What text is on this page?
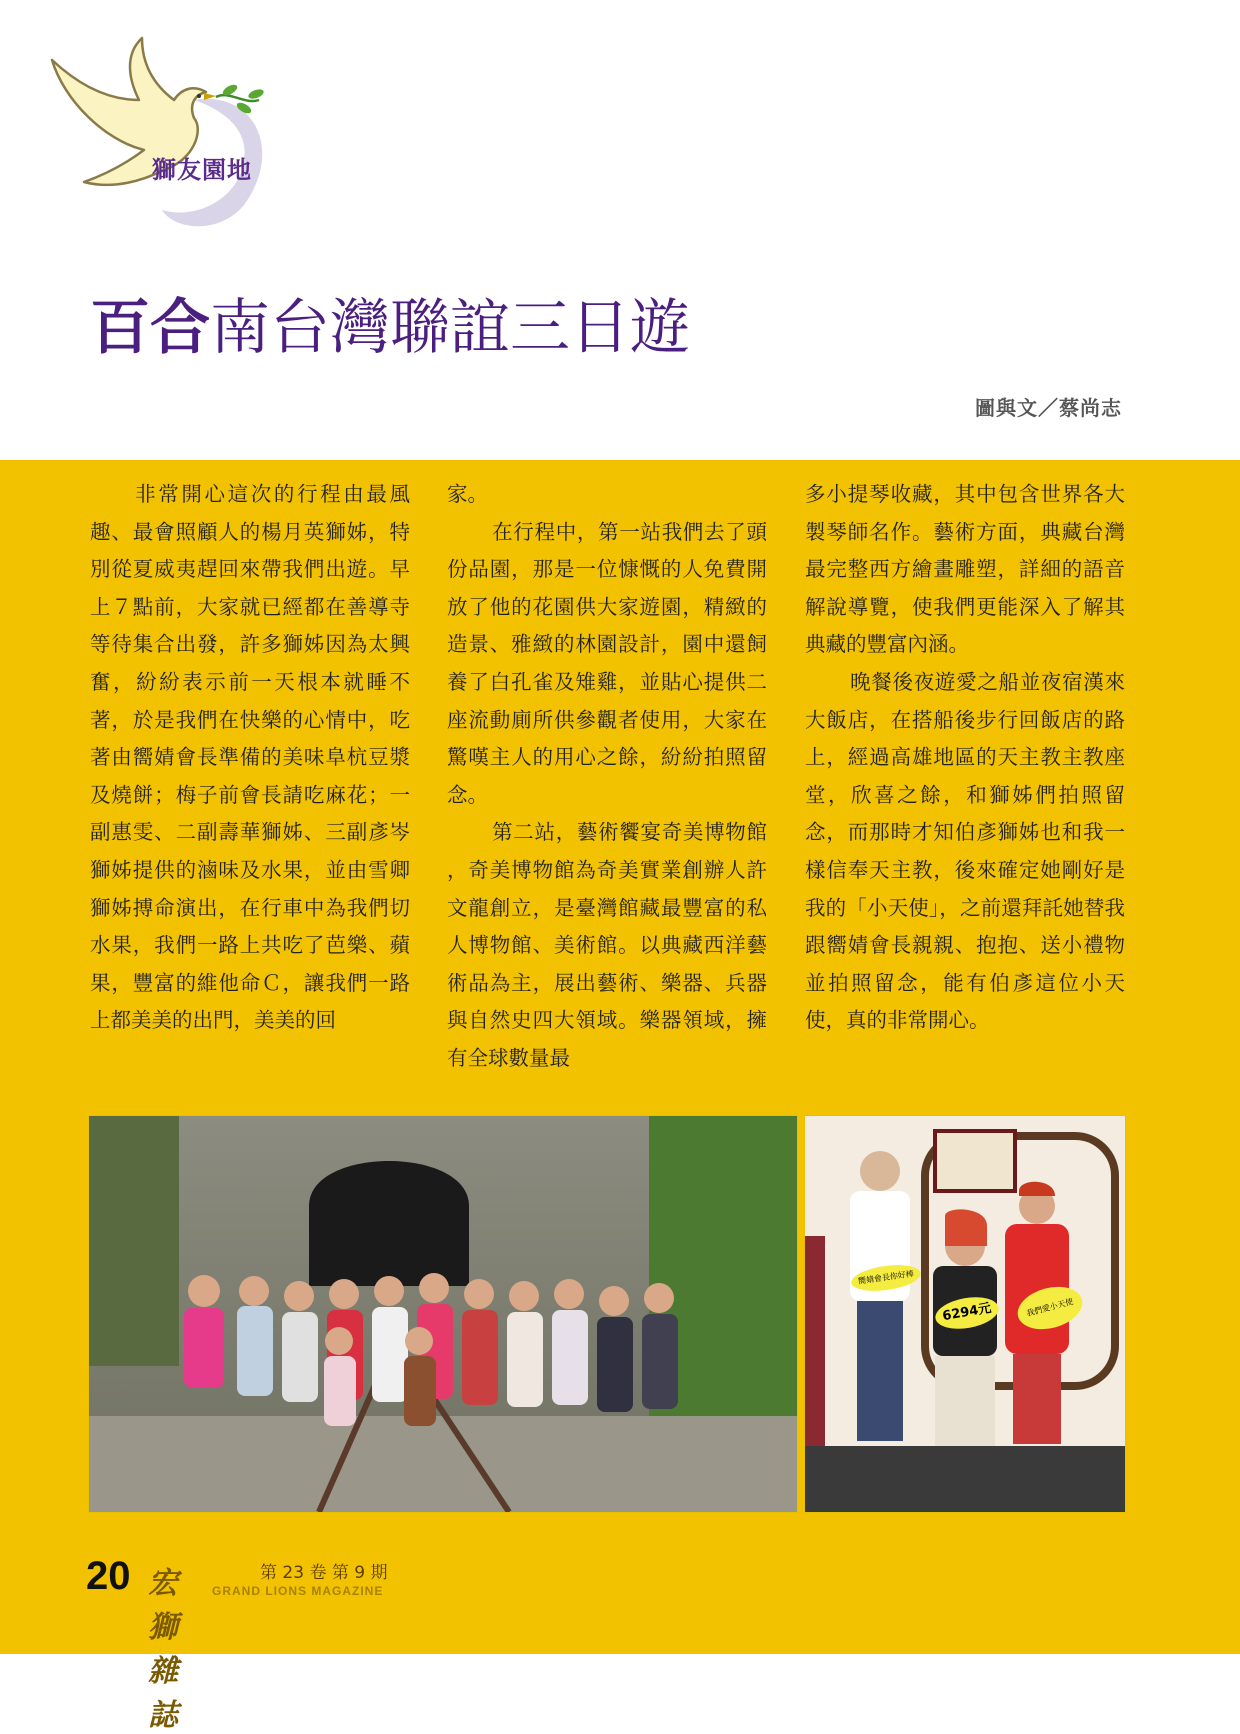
獅友園地
百合南台灣聯誼三日遊
圖與文／蔡尚志

非常開心這次的行程由最風趣、最會照顧人的楊月英獅姊，特別從夏威夷趕回來帶我們出遊。早上７點前，大家就已經都在善導寺等待集合出發，許多獅姊因為太興奮，紛紛表示前一天根本就睡不著，於是我們在快樂的心情中，吃著由嚮婧會長準備的美味阜杭豆漿及燒餅；梅子前會長請吃麻花；一副惠雯、二副壽華獅姊、三副彥岑獅姊提供的滷味及水果，並由雪卿獅姊搏命演出，在行車中為我們切水果，我們一路上共吃了芭樂、蘋果，豐富的維他命Ｃ，讓我們一路上都美美的出門，美美的回

家。

在行程中，第一站我們去了頭份品園，那是一位慷慨的人免費開放了他的花園供大家遊園，精緻的造景、雅緻的林園設計，園中還飼養了白孔雀及雉雞，並貼心提供二座流動廁所供參觀者使用，大家在驚嘆主人的用心之餘，紛紛拍照留念。

第二站，藝術饗宴奇美博物館 ，奇美博物館為奇美實業創辦人許文龍創立，是臺灣館藏最豐富的私人博物館、美術館。以典藏西洋藝術品為主，展出藝術、樂器、兵器與自然史四大領域。樂器領域，擁有全球數量最

多小提琴收藏，其中包含世界各大製琴師名作。藝術方面，典藏台灣最完整西方繪畫雕塑，詳細的語音解說導覽，使我們更能深入了解其典藏的豐富內涵。

晚餐後夜遊愛之船並夜宿漢來大飯店，在搭船後步行回飯店的路上，經過高雄地區的天主教主教座堂，欣喜之餘，和獅姊們拍照留念，而那時才知伯彥獅姊也和我一樣信奉天主教，後來確定她剛好是我的「小天使」，之前還拜託她替我跟嚮婧會長親親、抱抱、送小禮物並拍照留念，能有伯彥這位小天使，真的非常開心。

嚮婧會長你好棒
6294元	我們愛小天使
20 宏獅雜誌
第 23 卷 第 9 期
GRAND LIONS MAGAZINE
